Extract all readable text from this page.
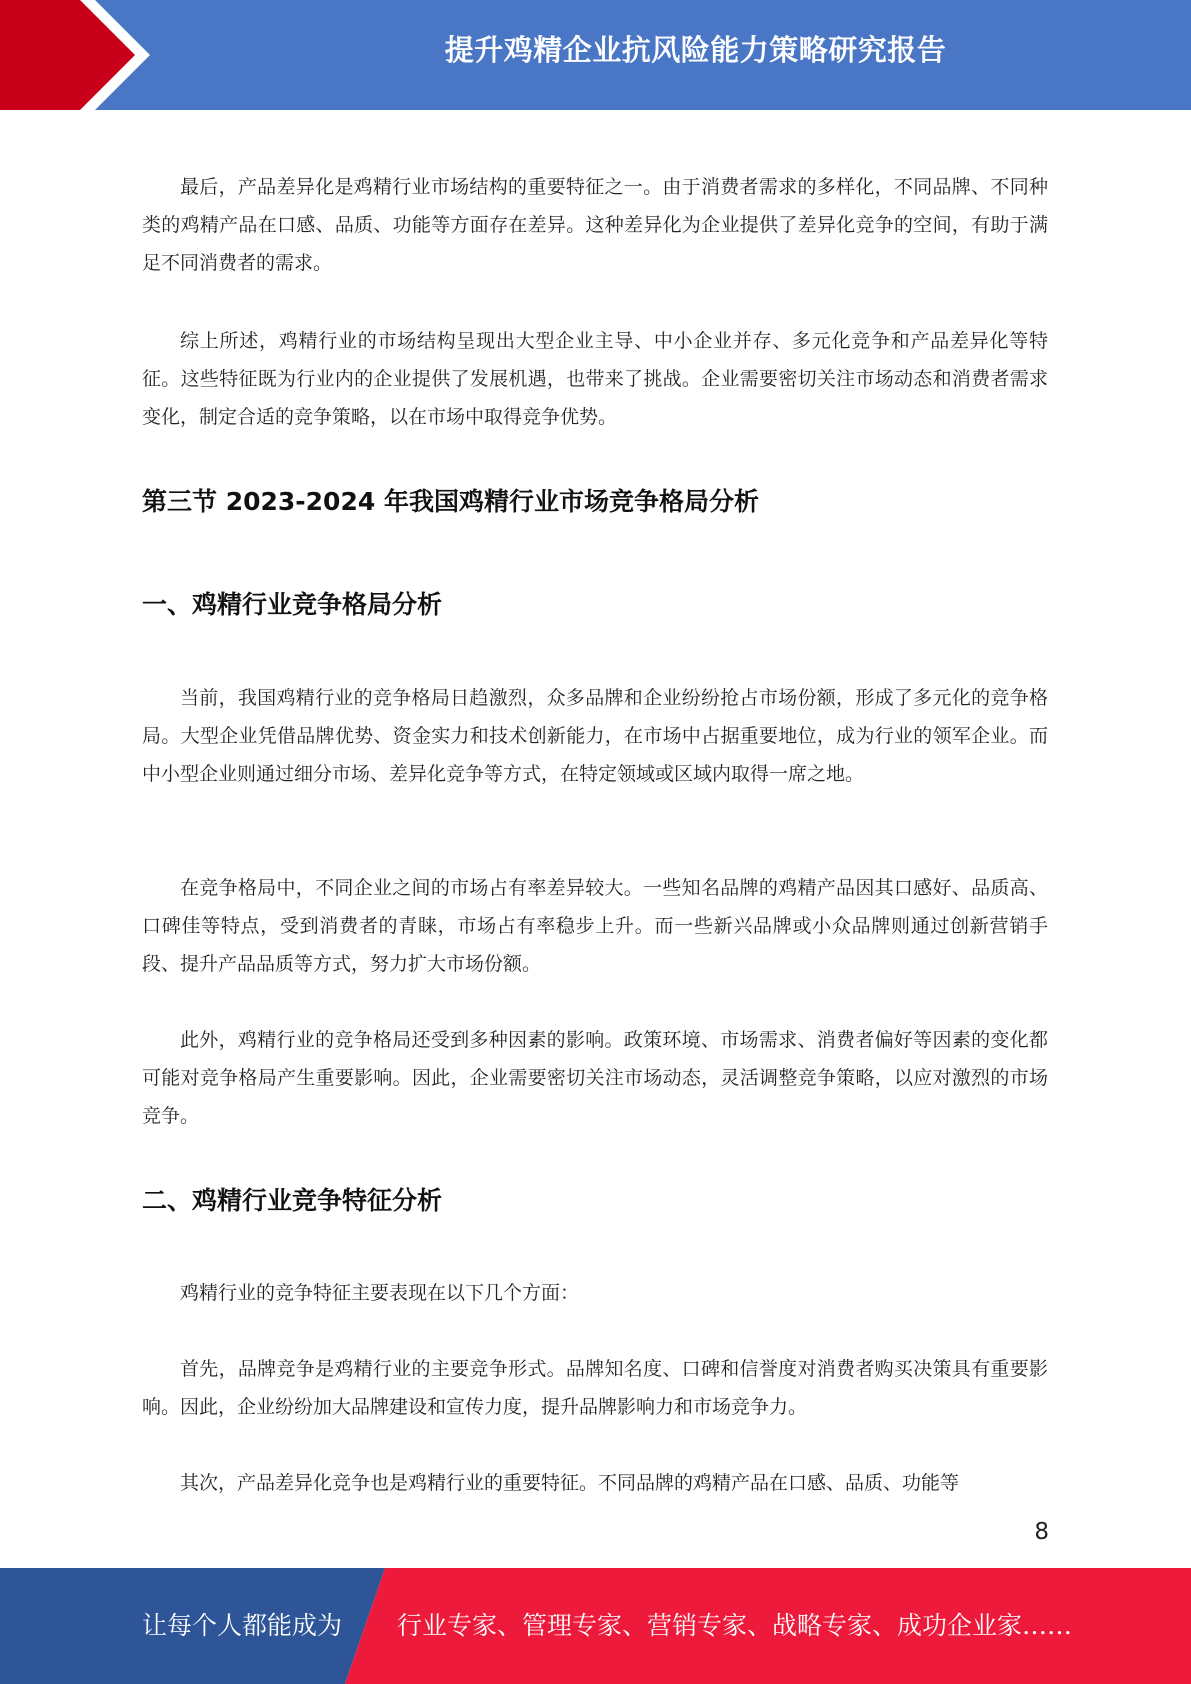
提升鸡精企业抗风险能力策略研究报告

最后，产品差异化是鸡精行业市场结构的重要特征之一。由于消费者需求的多样化，不同品牌、不同种类的鸡精产品在口感、品质、功能等方面存在差异。这种差异化为企业提供了差异化竞争的空间，有助于满足不同消费者的需求。

综上所述，鸡精行业的市场结构呈现出大型企业主导、中小企业并存、多元化竞争和产品差异化等特征。这些特征既为行业内的企业提供了发展机遇，也带来了挑战。企业需要密切关注市场动态和消费者需求变化，制定合适的竞争策略，以在市场中取得竞争优势。

第三节 2023-2024 年我国鸡精行业市场竞争格局分析
一、鸡精行业竞争格局分析

当前，我国鸡精行业的竞争格局日趋激烈，众多品牌和企业纷纷抢占市场份额，形成了多元化的竞争格局。大型企业凭借品牌优势、资金实力和技术创新能力，在市场中占据重要地位，成为行业的领军企业。而中小型企业则通过细分市场、差异化竞争等方式，在特定领域或区域内取得一席之地。

在竞争格局中，不同企业之间的市场占有率差异较大。一些知名品牌的鸡精产品因其口感好、品质高、口碑佳等特点，受到消费者的青睐，市场占有率稳步上升。而一些新兴品牌或小众品牌则通过创新营销手段、提升产品品质等方式，努力扩大市场份额。

此外，鸡精行业的竞争格局还受到多种因素的影响。政策环境、市场需求、消费者偏好等因素的变化都可能对竞争格局产生重要影响。因此，企业需要密切关注市场动态，灵活调整竞争策略，以应对激烈的市场竞争。

二、鸡精行业竞争特征分析

鸡精行业的竞争特征主要表现在以下几个方面：

首先，品牌竞争是鸡精行业的主要竞争形式。品牌知名度、口碑和信誉度对消费者购买决策具有重要影响。因此，企业纷纷加大品牌建设和宣传力度，提升品牌影响力和市场竞争力。

其次，产品差异化竞争也是鸡精行业的重要特征。不同品牌的鸡精产品在口感、品质、功能等

8
让每个人都能成为 行业专家、管理专家、营销专家、战略专家、成功企业家……
